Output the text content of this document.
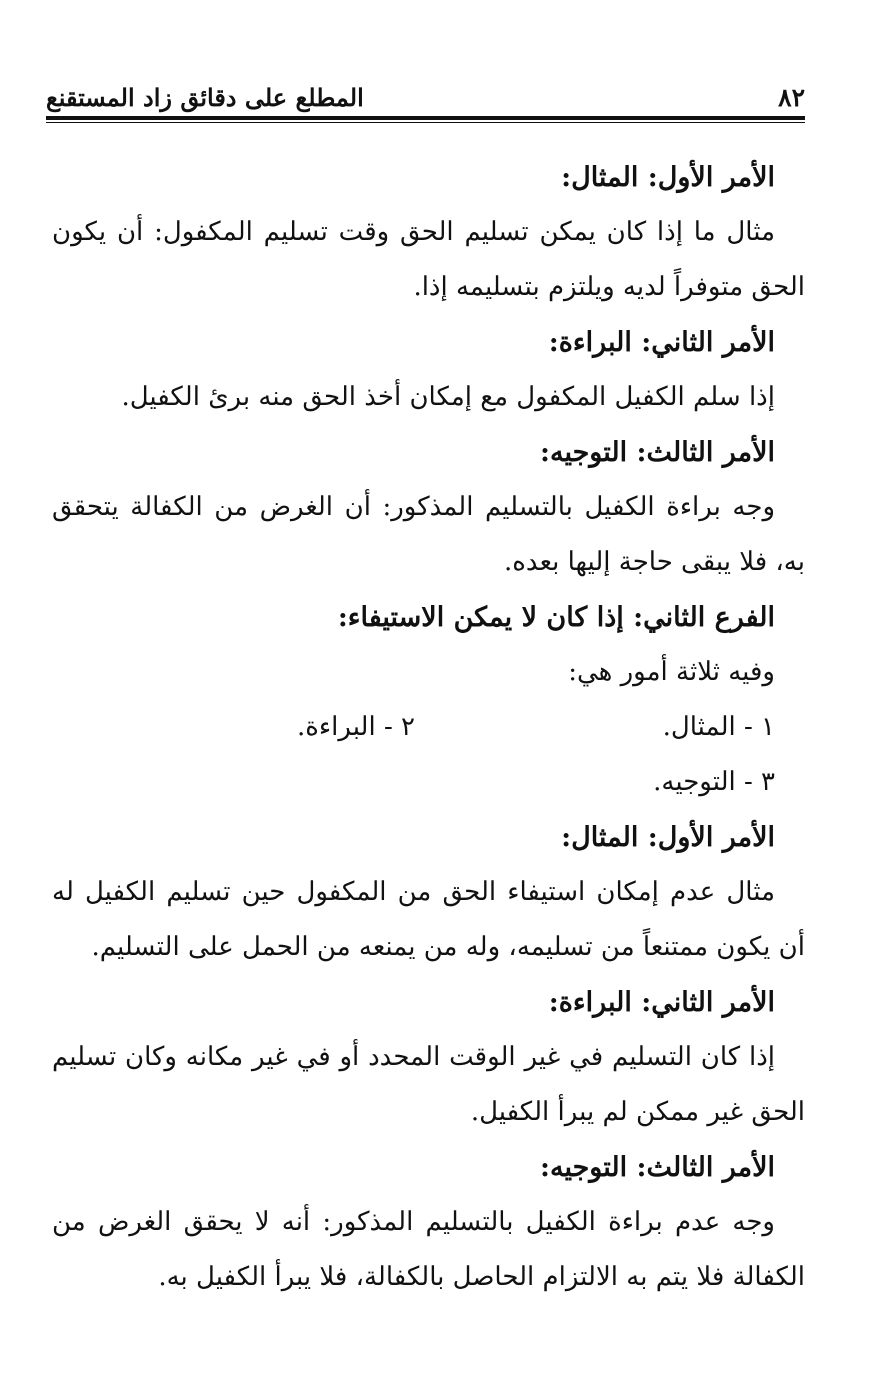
٨٢
المطلع على دقائق زاد المستقنع
الأمر الأول: المثال:
مثال ما إذا كان يمكن تسليم الحق وقت تسليم المكفول: أن يكون الحق متوفراً لديه ويلتزم بتسليمه إذا.
الأمر الثاني: البراءة:
إذا سلم الكفيل المكفول مع إمكان أخذ الحق منه برئ الكفيل.
الأمر الثالث: التوجيه:
وجه براءة الكفيل بالتسليم المذكور: أن الغرض من الكفالة يتحقق به، فلا يبقى حاجة إليها بعده.
الفرع الثاني: إذا كان لا يمكن الاستيفاء:
وفيه ثلاثة أمور هي:
١ - المثال.
٢ - البراءة.
٣ - التوجيه.
الأمر الأول: المثال:
مثال عدم إمكان استيفاء الحق من المكفول حين تسليم الكفيل له أن يكون ممتنعاً من تسليمه، وله من يمنعه من الحمل على التسليم.
الأمر الثاني: البراءة:
إذا كان التسليم في غير الوقت المحدد أو في غير مكانه وكان تسليم الحق غير ممكن لم يبرأ الكفيل.
الأمر الثالث: التوجيه:
وجه عدم براءة الكفيل بالتسليم المذكور: أنه لا يحقق الغرض من الكفالة فلا يتم به الالتزام الحاصل بالكفالة، فلا يبرأ الكفيل به.
